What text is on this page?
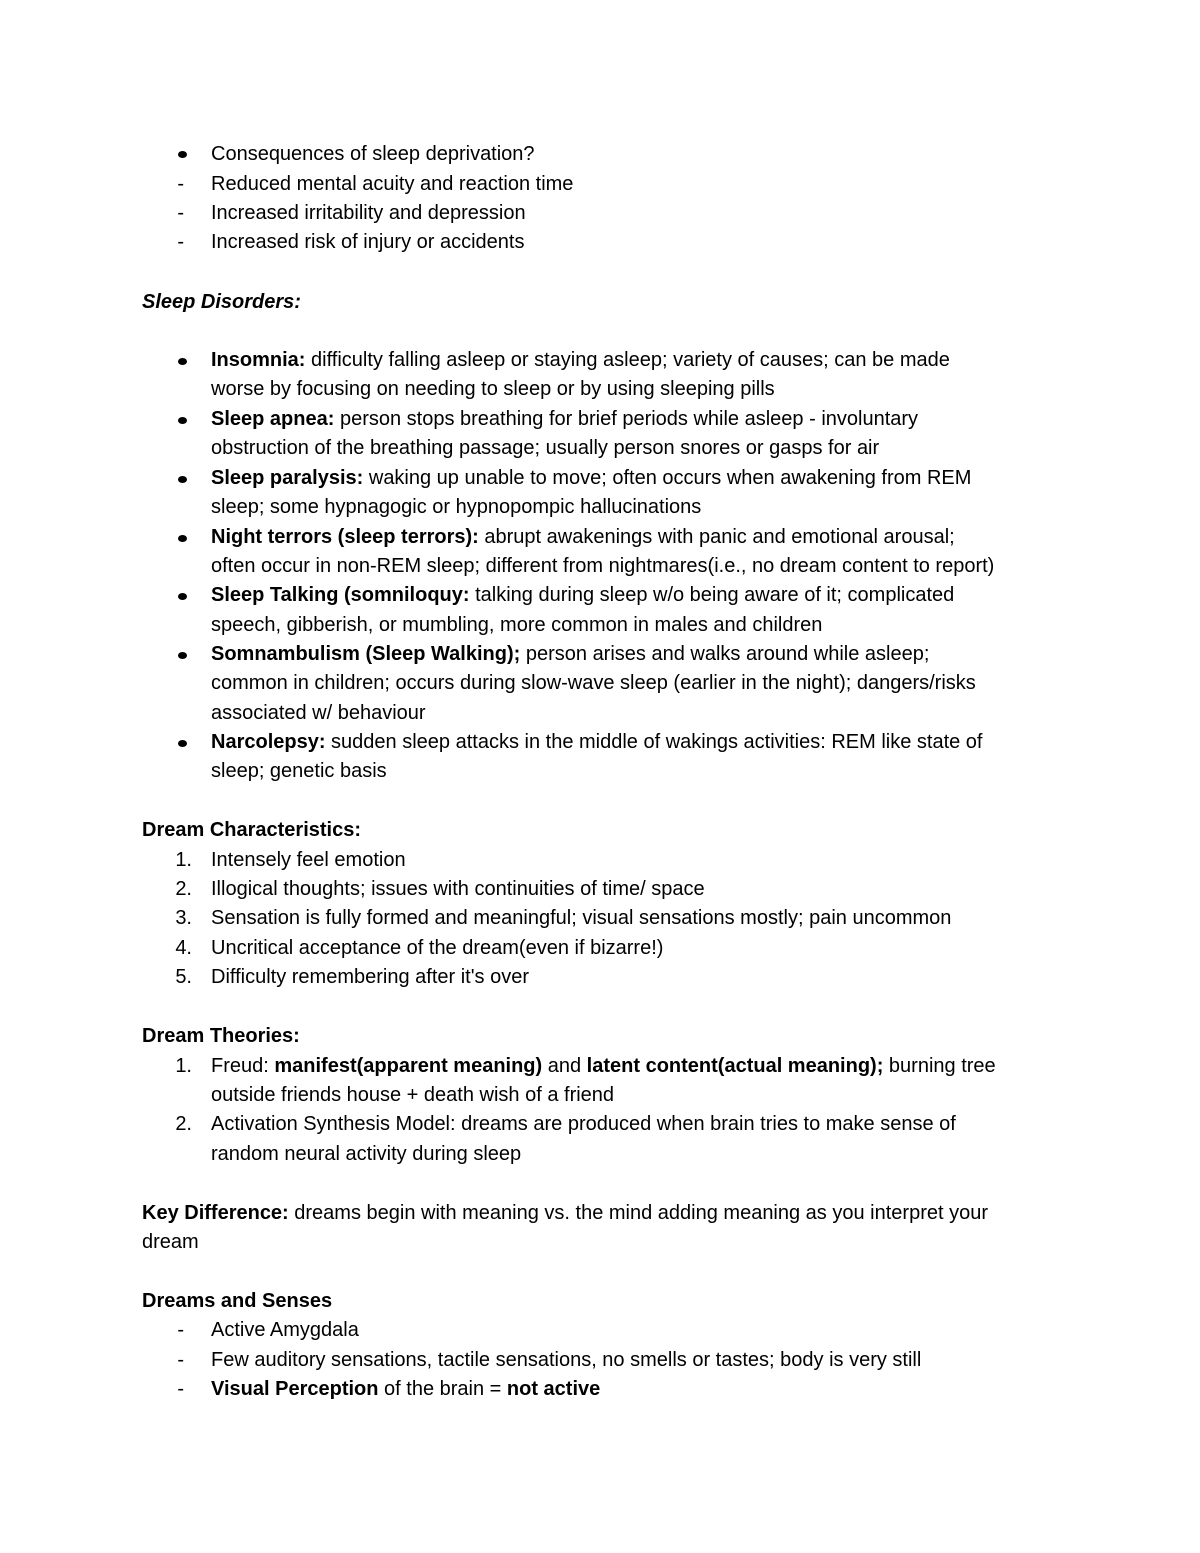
Consequences of sleep deprivation?
- Reduced mental acuity and reaction time
- Increased irritability and depression
- Increased risk of injury or accidents
Sleep Disorders:
Insomnia: difficulty falling asleep or staying asleep; variety of causes; can be made
worse by focusing on needing to sleep or by using sleeping pills
Sleep apnea: person stops breathing for brief periods while asleep - involuntary
obstruction of the breathing passage; usually person snores or gasps for air
Sleep paralysis: waking up unable to move; often occurs when awakening from REM
sleep; some hypnagogic or hypnopompic hallucinations
Night terrors (sleep terrors): abrupt awakenings with panic and emotional arousal;
often occur in non-REM sleep; different from nightmares(i.e., no dream content to report)
Sleep Talking (somniloquy: talking during sleep w/o being aware of it; complicated
speech, gibberish, or mumbling, more common in males and children
Somnambulism (Sleep Walking); person arises and walks around while asleep;
common in children; occurs during slow-wave sleep (earlier in the night); dangers/risks
associated w/ behaviour
Narcolepsy: sudden sleep attacks in the middle of wakings activities: REM like state of
sleep; genetic basis
Dream Characteristics:
1. Intensely feel emotion
2. Illogical thoughts; issues with continuities of time/ space
3. Sensation is fully formed and meaningful; visual sensations mostly; pain uncommon
4. Uncritical acceptance of the dream(even if bizarre!)
5. Difficulty remembering after it's over
Dream Theories:
1. Freud: manifest(apparent meaning) and latent content(actual meaning); burning tree
outside friends house + death wish of a friend
2. Activation Synthesis Model: dreams are produced when brain tries to make sense of
random neural activity during sleep
Key Difference: dreams begin with meaning vs. the mind adding meaning as you interpret your
dream
Dreams and Senses
- Active Amygdala
- Few auditory sensations, tactile sensations, no smells or tastes; body is very still
- Visual Perception of the brain = not active
